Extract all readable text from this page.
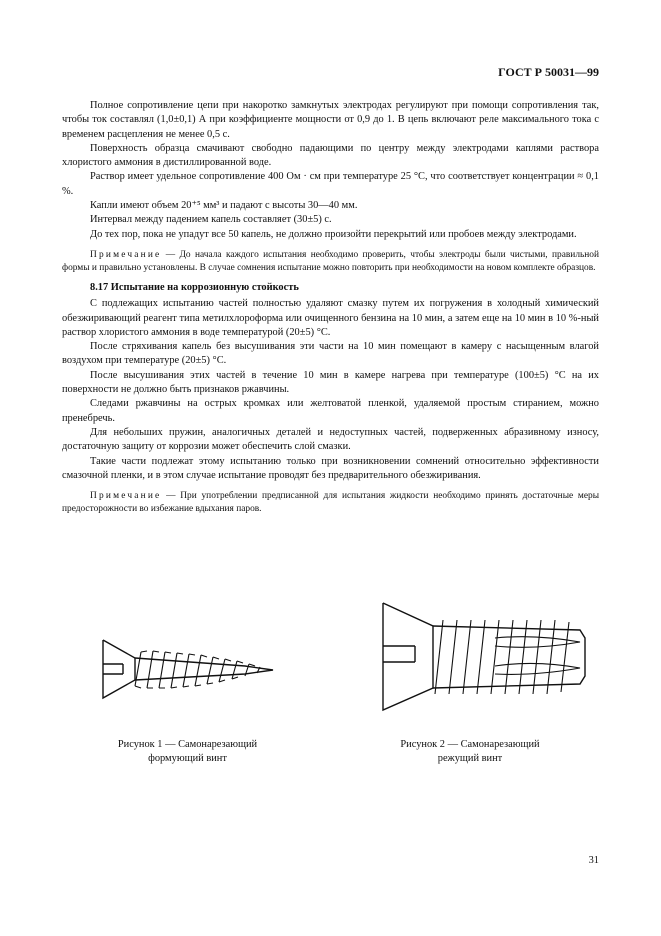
ГОСТ Р 50031—99

Полное сопротивление цепи при накоротко замкнутых электродах регулируют при помощи сопротивления так, чтобы ток составлял (1,0±0,1) А при коэффициенте мощности от 0,9 до 1. В цепь включают реле максимального тока с временем расцепления не менее 0,5 с.

Поверхность образца смачивают свободно падающими по центру между электродами каплями раствора хлористого аммония в дистиллированной воде.

Раствор имеет удельное сопротивление 400 Ом · см при температуре 25 °С, что соответствует концентрации ≈ 0,1 %.

Капли имеют объем 20⁺⁵ мм³ и падают с высоты 30—40 мм.

Интервал между падением капель составляет (30±5) с.

До тех пор, пока не упадут все 50 капель, не должно произойти перекрытий или пробоев между электродами.

Примечание — До начала каждого испытания необходимо проверить, чтобы электроды были чистыми, правильной формы и правильно установлены. В случае сомнения испытание можно повторить при необходимости на новом комплекте образцов.

8.17 Испытание на коррозионную стойкость

С подлежащих испытанию частей полностью удаляют смазку путем их погружения в холодный химический обезжиривающий реагент типа метилхлороформа или очищенного бензина на 10 мин, а затем еще на 10 мин в 10 %-ный раствор хлористого аммония в воде температурой (20±5) °С.

После стряхивания капель без высушивания эти части на 10 мин помещают в камеру с насыщенным влагой воздухом при температуре (20±5) °С.

После высушивания этих частей в течение 10 мин в камере нагрева при температуре (100±5) °С на их поверхности не должно быть признаков ржавчины.

Следами ржавчины на острых кромках или желтоватой пленкой, удаляемой простым стиранием, можно пренебречь.

Для небольших пружин, аналогичных деталей и недоступных частей, подверженных абразивному износу, достаточную защиту от коррозии может обеспечить слой смазки.

Такие части подлежат этому испытанию только при возникновении сомнений относительно эффективности смазочной пленки, и в этом случае испытание проводят без предварительного обезжиривания.

Примечание — При употреблении предписанной для испытания жидкости необходимо принять достаточные меры предосторожности во избежание вдыхания паров.

Рисунок 1 — Самонарезающий
формующий винт
Рисунок 2 — Самонарезающий
режущий винт
31
